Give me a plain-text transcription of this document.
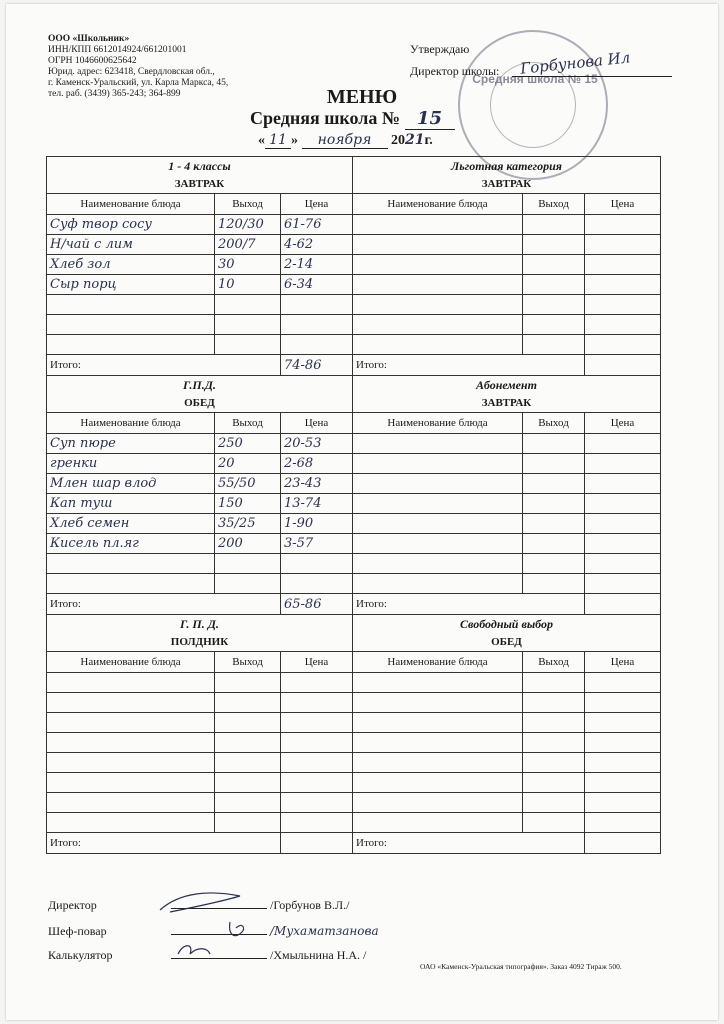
ООО «Школьник»
ИНН/КПП 6612014924/661201001
ОГРН 1046600625642
Юрид. адрес: 623418, Свердловская обл.,
г. Каменск-Уральский, ул. Карла Маркса, 45,
тел. раб. (3439) 365-243; 364-899
Средняя школа № 15
Утверждаю
Директор школы: Горбунова Ил
МЕНЮ
Средняя школа № 15
« 11 » ноября 2021г.
1 - 4 классы			Льготная категория		
ЗАВТРАК			ЗАВТРАК		
Наименование блюда	Выход	Цена	Наименование блюда	Выход	Цена
Суф твор сосу	120/30	61-76			
Н/чай с лим	200/7	4-62			
Хлеб зол	30	2-14			
Сыр порц	10	6-34			

Итого:		74-86	Итого:		
Г.П.Д.			Абонемент		
ОБЕД			ЗАВТРАК		
Наименование блюда	Выход	Цена	Наименование блюда	Выход	Цена
Суп пюре	250	20-53			
гренки	20	2-68			
Млен шар влод	55/50	23-43			
Кап туш	150	13-74			
Хлеб семен	35/25	1-90			
Кисель пл.яг	200	3-57			

Итого:		65-86	Итого:		
Г. П. Д.			Свободный выбор		
ПОЛДНИК			ОБЕД		
Наименование блюда	Выход	Цена	Наименование блюда	Выход	Цена

Итого:			Итого:		
Директор	/Горбунов В.Л./
Шеф-повар	/Мухаматзанова
Калькулятор	/Хмыльнина Н.А. /
ОАО «Каменск-Уральская типография». Заказ 4092 Тираж 500.
